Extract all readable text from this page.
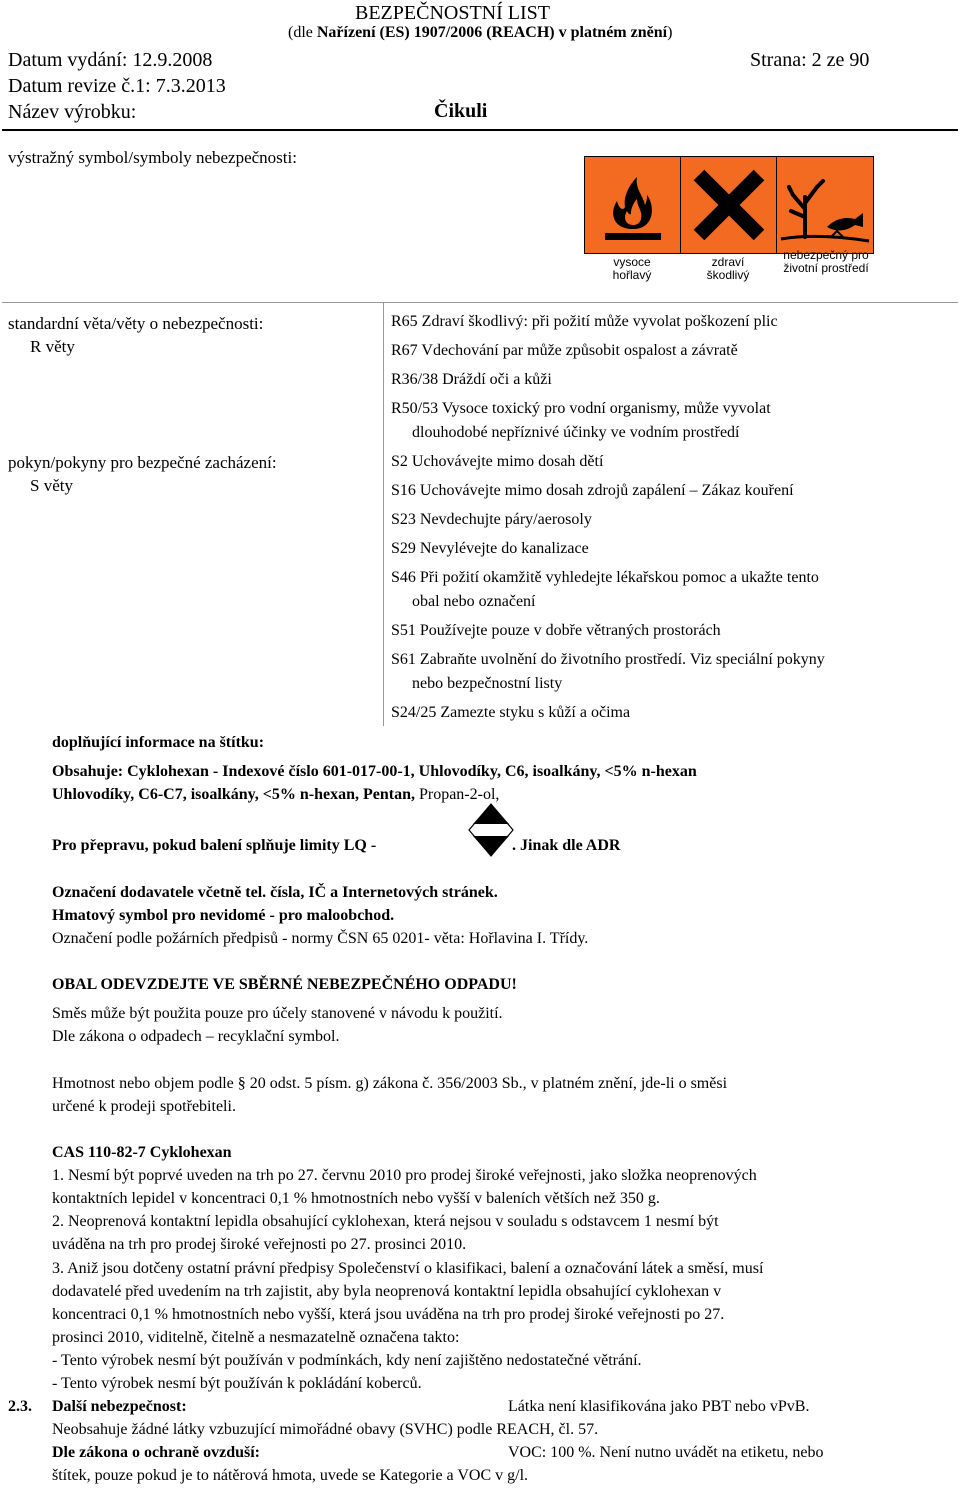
BEZPEČNOSTNÍ LIST
(dle Nařízení (ES) 1907/2006 (REACH) v platném znění)
Datum vydání: 12.9.2008	Strana: 2 ze 90
Datum revize č.1: 7.3.2013
Název výrobku:	Čikuli
výstražný symbol/symboly nebezpečnosti:
vysoce
hořlavý
zdraví
škodlivý
nebezpečný pro
životní prostředí
standardní věta/věty o nebezpečnosti:
R věty
R65 Zdraví škodlivý: při požití může vyvolat poškození plic
R67 Vdechování par může způsobit ospalost a závratě
R36/38 Dráždí oči a kůži
R50/53 Vysoce toxický pro vodní organismy, může vyvolat
dlouhodobé nepříznivé účinky ve vodním prostředí
pokyn/pokyny pro bezpečné zacházení:
S věty
S2 Uchovávejte mimo dosah dětí
S16 Uchovávejte mimo dosah zdrojů zapálení – Zákaz kouření
S23 Nevdechujte páry/aerosoly
S29 Nevylévejte do kanalizace
S46 Při požití okamžitě vyhledejte lékařskou pomoc a ukažte tento
obal nebo označení
S51 Používejte pouze v dobře větraných prostorách
S61 Zabraňte uvolnění do životního prostředí. Viz speciální pokyny
nebo bezpečnostní listy
S24/25 Zamezte styku s kůží a očima
doplňující informace na štítku:
Obsahuje: Cyklohexan - Indexové číslo 601-017-00-1, Uhlovodíky, C6, isoalkány, <5% n-hexan
Uhlovodíky, C6-C7, isoalkány, <5% n-hexan, Pentan, Propan-2-ol,
Pro přepravu, pokud balení splňuje limity LQ -	. Jinak dle ADR
Označení dodavatele včetně tel. čísla, IČ a Internetových stránek.
Hmatový symbol pro nevidomé - pro maloobchod.
Označení podle požárních předpisů - normy ČSN 65 0201- věta: Hořlavina I. Třídy.
OBAL ODEVZDEJTE VE SBĚRNÉ NEBEZPEČNÉHO ODPADU!
Směs může být použita pouze pro účely stanovené v návodu k použití.
Dle zákona o odpadech – recyklační symbol.
Hmotnost nebo objem podle § 20 odst. 5 písm. g) zákona č. 356/2003 Sb., v platném znění, jde-li o směsi
určené k prodeji spotřebiteli.
CAS 110-82-7 Cyklohexan
1. Nesmí být poprvé uveden na trh po 27. červnu 2010 pro prodej široké veřejnosti, jako složka neoprenových
kontaktních lepidel v koncentraci 0,1 % hmotnostních nebo vyšší v baleních větších než 350 g.
2. Neoprenová kontaktní lepidla obsahující cyklohexan, která nejsou v souladu s odstavcem 1 nesmí být
uváděna na trh pro prodej široké veřejnosti po 27. prosinci 2010.
3. Aniž jsou dotčeny ostatní právní předpisy Společenství o klasifikaci, balení a označování látek a směsí, musí
dodavatelé před uvedením na trh zajistit, aby byla neoprenová kontaktní lepidla obsahující cyklohexan v
koncentraci 0,1 % hmotnostních nebo vyšší, která jsou uváděna na trh pro prodej široké veřejnosti po 27.
prosinci 2010, viditelně, čitelně a nesmazatelně označena takto:
- Tento výrobek nesmí být používán v podmínkách, kdy není zajištěno nedostatečné větrání.
- Tento výrobek nesmí být používán k pokládání koberců.
2.3. Další nebezpečnost:	Látka není klasifikována jako PBT nebo vPvB.
Neobsahuje žádné látky vzbuzující mimořádné obavy (SVHC) podle REACH, čl. 57.
Dle zákona o ochraně ovzduší:	VOC: 100 %. Není nutno uvádět na etiketu, nebo
štítek, pouze pokud je to nátěrová hmota, uvede se Kategorie a VOC v g/l.
